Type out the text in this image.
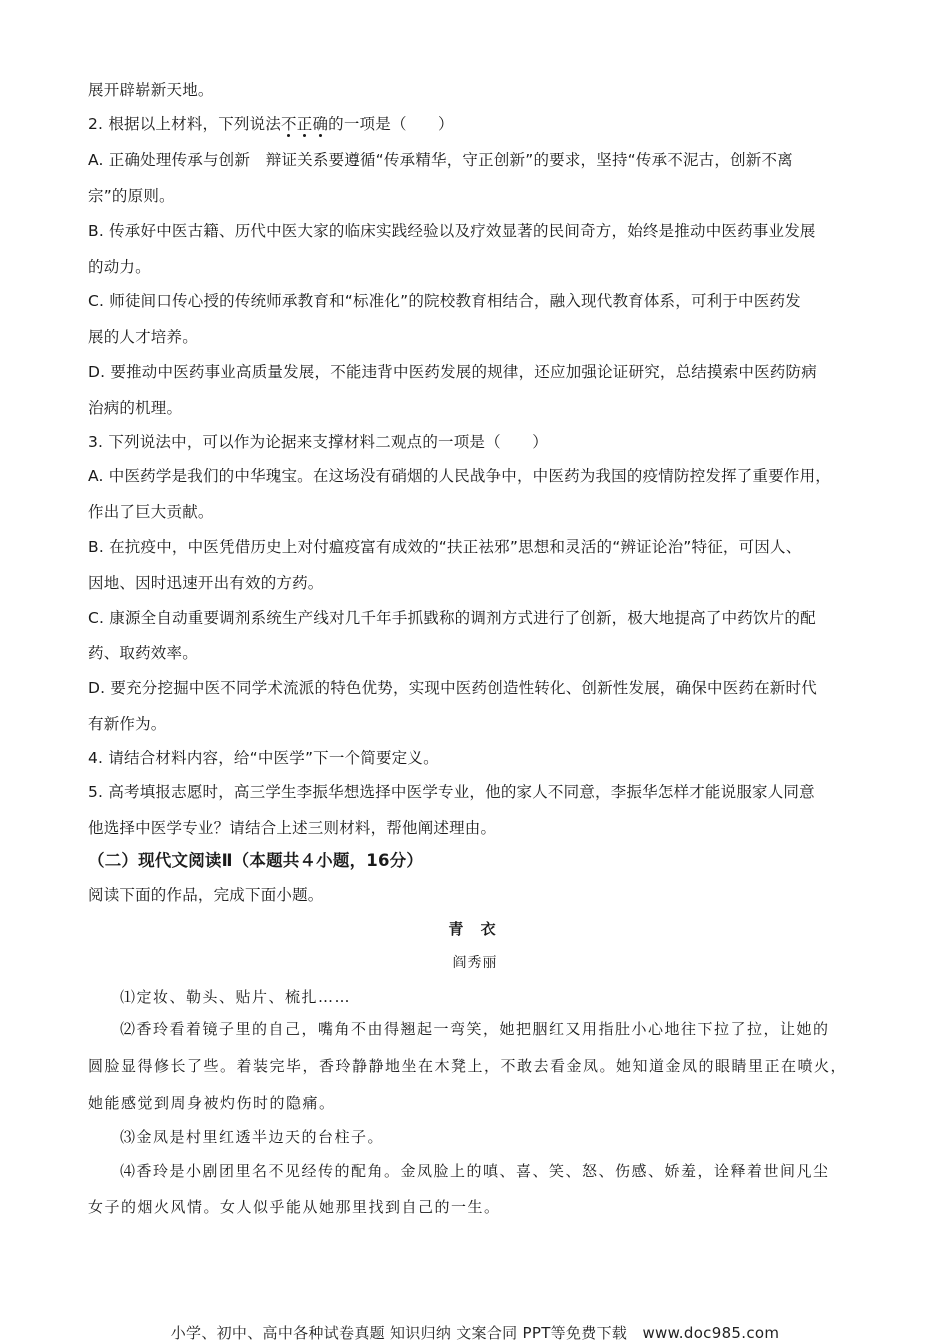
展开辟崭新天地。
2. 根据以上材料，下列说法不正确的一项是（　　）
A. 正确处理传承与创新　辩证关系要遵循“传承精华，守正创新”的要求，坚持“传承不泥古，创新不离
宗”的原则。
B. 传承好中医古籍、历代中医大家的临床实践经验以及疗效显著的民间奇方，始终是推动中医药事业发展
的动力。
C. 师徒间口传心授的传统师承教育和“标准化”的院校教育相结合，融入现代教育体系，可利于中医药发
展的人才培养。
D. 要推动中医药事业高质量发展，不能违背中医药发展的规律，还应加强论证研究，总结摸索中医药防病
治病的机理。
3. 下列说法中，可以作为论据来支撑材料二观点的一项是（　　）
A. 中医药学是我们的中华瑰宝。在这场没有硝烟的人民战争中，中医药为我国的疫情防控发挥了重要作用，
作出了巨大贡献。
B. 在抗疫中，中医凭借历史上对付瘟疫富有成效的“扶正祛邪”思想和灵活的“辨证论治”特征，可因人、
因地、因时迅速开出有效的方药。
C. 康源全自动重要调剂系统生产线对几千年手抓戥称的调剂方式进行了创新，极大地提高了中药饮片的配
药、取药效率。
D. 要充分挖掘中医不同学术流派的特色优势，实现中医药创造性转化、创新性发展，确保中医药在新时代
有新作为。
4. 请结合材料内容，给“中医学”下一个简要定义。
5. 高考填报志愿时，高三学生李振华想选择中医学专业，他的家人不同意，李振华怎样才能说服家人同意
他选择中医学专业？请结合上述三则材料，帮他阐述理由。
（二）现代文阅读Ⅱ（本题共４小题，16分）
阅读下面的作品，完成下面小题。
青 衣
阎秀丽
⑴定妆、勒头、贴片、梳扎……
⑵香玲看着镜子里的自己，嘴角不由得翘起一弯笑，她把胭红又用指肚小心地往下拉了拉，让她的
圆脸显得修长了些。着装完毕，香玲静静地坐在木凳上，不敢去看金凤。她知道金凤的眼睛里正在喷火，
她能感觉到周身被灼伤时的隐痛。
⑶金凤是村里红透半边天的台柱子。
⑷香玲是小剧团里名不见经传的配角。金凤脸上的嗔、喜、笑、怒、伤感、娇羞，诠释着世间凡尘
女子的烟火风情。女人似乎能从她那里找到自己的一生。
小学、初中、高中各种试卷真题 知识归纳 文案合同 PPT等免费下载　www.doc985.com
